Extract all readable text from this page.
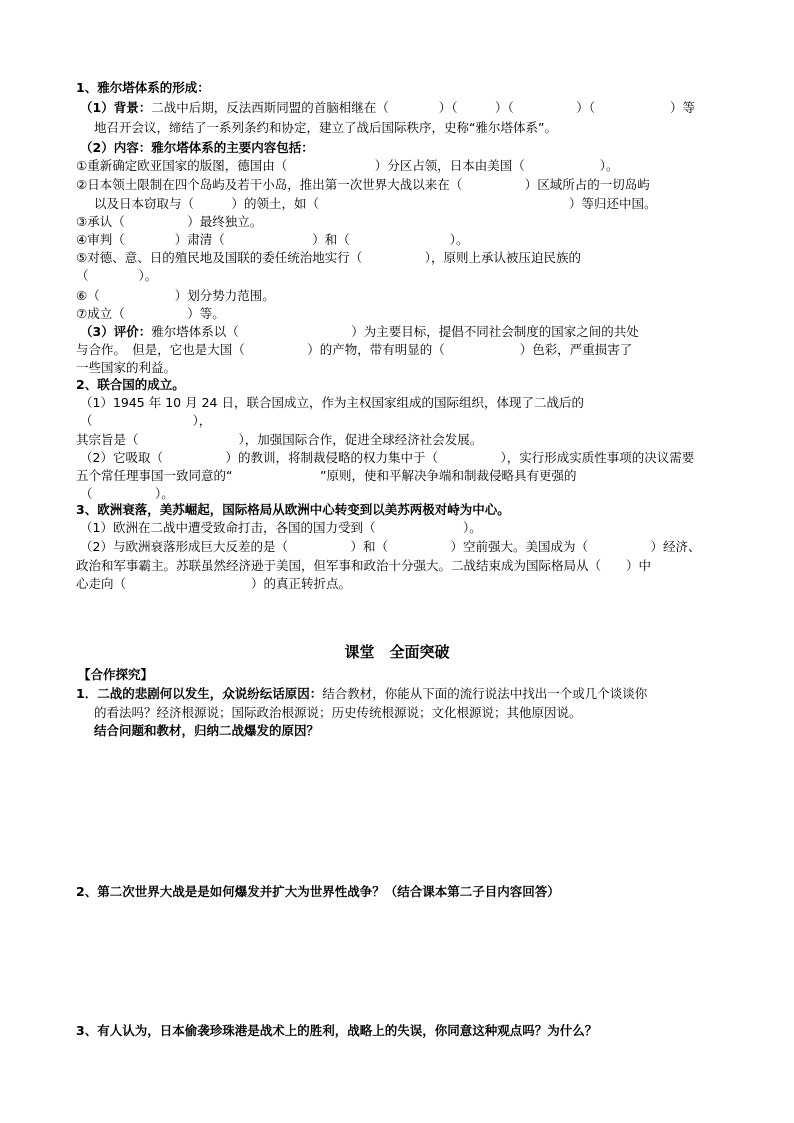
1、雅尔塔体系的形成：
（1）背景：二战中后期，反法西斯同盟的首脑相继在（　　　　）（　　　）（　　　　　）（　　　　　　）等
地召开会议，缔结了一系列条约和协定，建立了战后国际秩序，史称“雅尔塔体系”。
（2）内容：雅尔塔体系的主要内容包括：
①重新确定欧亚国家的版图，德国由（　　　　　　　）分区占领，日本由美国（　　　　　　）。
②日本领土限制在四个岛屿及若干小岛，推出第一次世界大战以来在（　　　　　）区域所占的一切岛屿
以及日本窃取与（　　　）的领土，如（　　　　　　　　　　　　　　　　　　　　）等归还中国。
③承认（　　　　　）最终独立。
④审判（　　　　）肃清（　　　　　　　）和（　　　　　　　　）。
⑤对德、意、日的殖民地及国联的委任统治地实行（　　　　　），原则上承认被压迫民族的
（　　　　）。
⑥（　　　　　　）划分势力范围。
⑦成立（　　　　　）等。
（3）评价：雅尔塔体系以（　　　　　　　　　）为主要目标，提倡不同社会制度的国家之间的共处
与合作。　但是，它也是大国（　　　　　）的产物，带有明显的（　　　　　　）色彩，严重损害了
一些国家的利益。
2、联合国的成立。
（1）1945 年 10 月 24 日，联合国成立，作为主权国家组成的国际组织，体现了二战后的
（　　　　　　　　），
其宗旨是（　　　　　　　　），加强国际合作，促进全球经济社会发展。
（2）它吸取（　　　　　）的教训，将制裁侵略的权力集中于（　　　　　），实行形成实质性事项的决议需要
五个常任理事国一致同意的“　　　　　　　”原则，使和平解决争端和制裁侵略具有更强的
（　　　　　）。
3、欧洲衰落，美苏崛起，国际格局从欧洲中心转变到以美苏两极对峙为中心。
（1）欧洲在二战中遭受致命打击，各国的国力受到（　　　　　　　）。
（2）与欧洲衰落形成巨大反差的是（　　　　　）和（　　　　　）空前强大。美国成为（　　　　　）经济、
政治和军事霸主。苏联虽然经济逊于美国，但军事和政治十分强大。二战结束成为国际格局从（　　）中
心走向（　　　　　　　　　　）的真正转折点。
课堂　全面突破
【合作探究】
1．二战的悲剧何以发生，众说纷纭话原因：结合教材，你能从下面的流行说法中找出一个或几个谈谈你
的看法吗？经济根源说；国际政治根源说；历史传统根源说；文化根源说；其他原因说。
结合问题和教材，归纳二战爆发的原因？
2、第二次世界大战是是如何爆发并扩大为世界性战争？（结合课本第二子目内容回答）
3、有人认为，日本偷袭珍珠港是战术上的胜利，战略上的失误，你同意这种观点吗？为什么？
